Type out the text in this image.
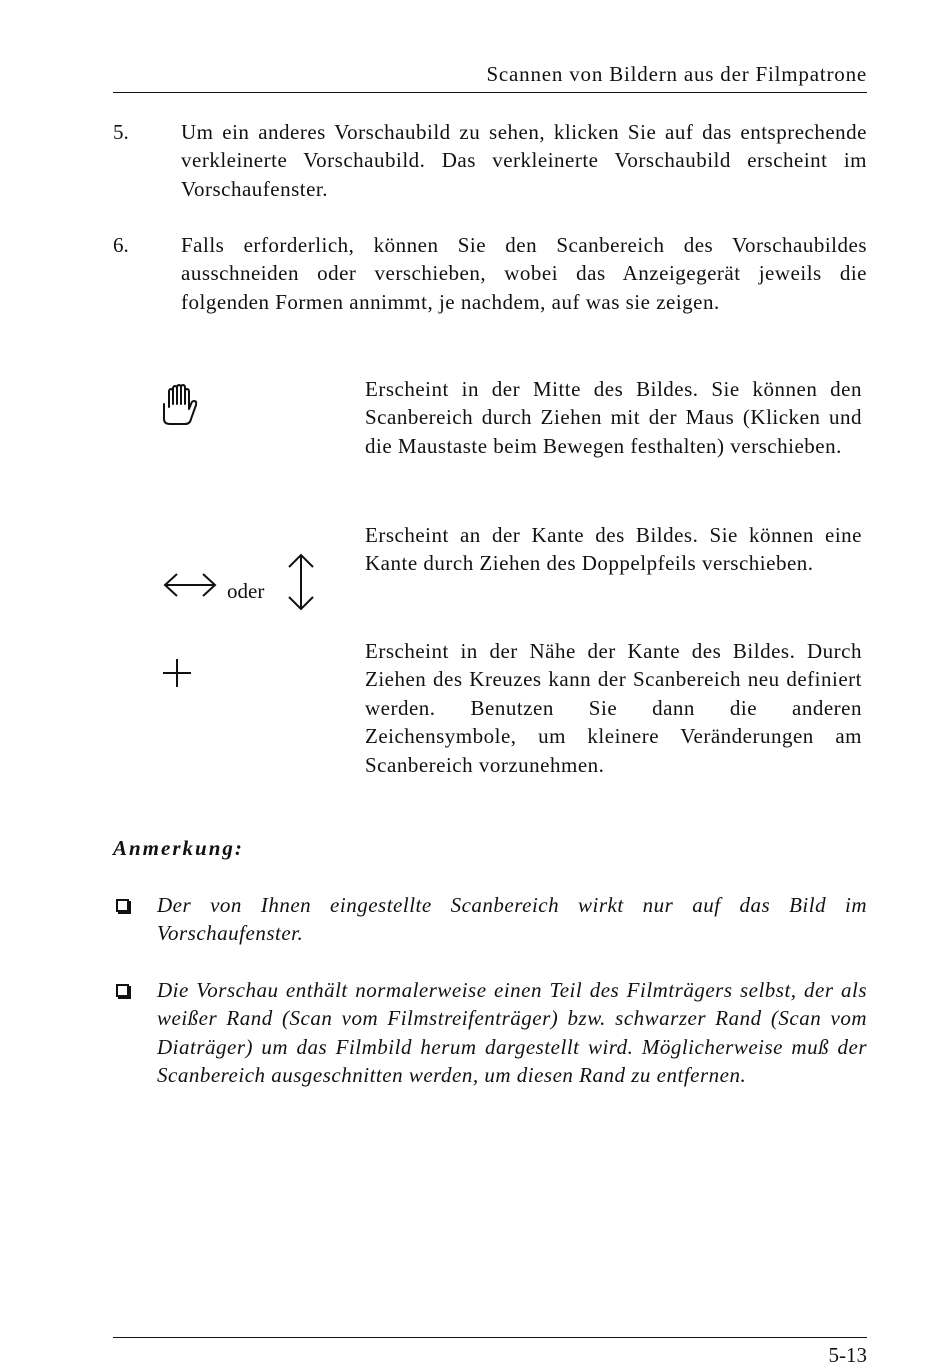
Scannen von Bildern aus der Filmpatrone
5. Um ein anderes Vorschaubild zu sehen, klicken Sie auf das entsprechende verkleinerte Vorschaubild. Das verkleinerte Vorschaubild erscheint im Vorschaufenster.
6. Falls erforderlich, können Sie den Scanbereich des Vorschaubildes ausschneiden oder verschieben, wobei das Anzeigegerät jeweils die folgenden Formen annimmt, je nachdem, auf was sie zeigen.
Erscheint in der Mitte des Bildes. Sie können den Scanbereich durch Ziehen mit der Maus (Klicken und die Maustaste beim Bewegen festhalten) verschieben.
oder
Erscheint an der Kante des Bildes. Sie können eine Kante durch Ziehen des Doppelpfeils verschieben.
Erscheint in der Nähe der Kante des Bildes. Durch Ziehen des Kreuzes kann der Scanbereich neu definiert werden. Benutzen Sie dann die anderen Zeichensymbole, um kleinere Veränderungen am Scanbereich vorzunehmen.
Anmerkung:
Der von Ihnen eingestellte Scanbereich wirkt nur auf das Bild im Vorschaufenster.
Die Vorschau enthält normalerweise einen Teil des Filmträgers selbst, der als weißer Rand (Scan vom Filmstreifenträger) bzw. schwarzer Rand (Scan vom Diaträger) um das Filmbild herum dargestellt wird. Möglicherweise muß der Scanbereich ausgeschnitten werden, um diesen Rand zu entfernen.
5-13
